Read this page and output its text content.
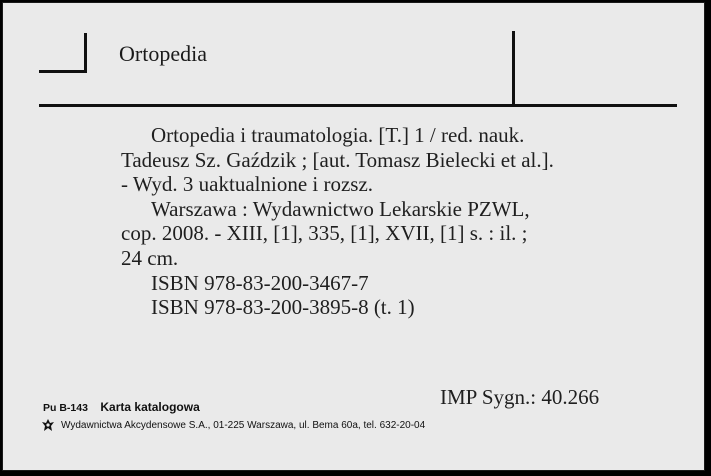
Ortopedia
Ortopedia i traumatologia. [T.] 1 / red. nauk.
Tadeusz Sz. Gaździk ; [aut. Tomasz Bielecki et al.].
- Wyd. 3 uaktualnione i rozsz.
Warszawa : Wydawnictwo Lekarskie PZWL,
cop. 2008. - XIII, [1], 335, [1], XVII, [1] s. : il. ;
24 cm.
ISBN 978-83-200-3467-7
ISBN 978-83-200-3895-8 (t. 1)
Pu B-143 Karta katalogowa	IMP Sygn.: 40.266
Wydawnictwa Akcydensowe S.A., 01-225 Warszawa, ul. Bema 60a, tel. 632-20-04
